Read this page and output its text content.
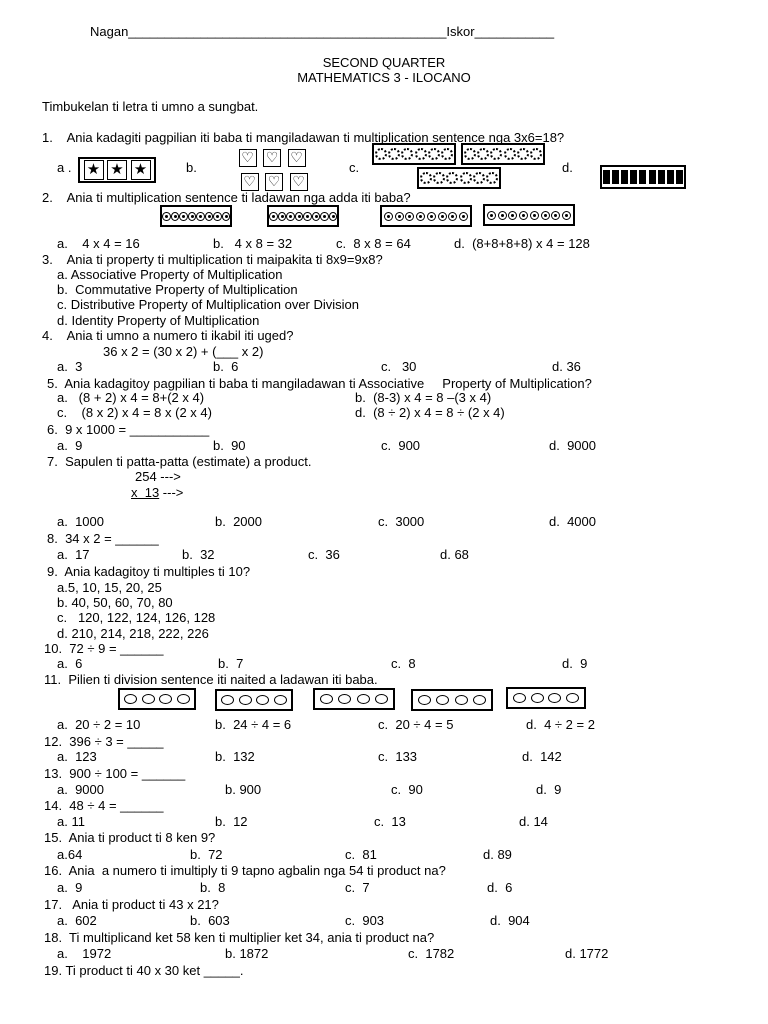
Nagan____________________________________________Iskor___________
SECOND QUARTER
MATHEMATICS 3 - ILOCANO
Timbukelan ti letra ti umno a sungbat.
1.    Ania kadagiti pagpilian iti baba ti mangiladawan ti multiplication sentence nga 3x6=18?
a . ★ ★ ★	b.
♡ ♡ ♡
♡ ♡ ♡
c.	d.
2.    Ania ti multiplication sentence ti ladawan nga adda iti baba?
a.    4 x 4 = 16	b.   4 x 8 = 32	c.  8 x 8 = 64	d.  (8+8+8+8) x 4 = 128
3.    Ania ti property ti multiplication ti maipakita ti 8x9=9x8?
a. Associative Property of Multiplication
b.  Commutative Property of Multiplication
c. Distributive Property of Multiplication over Division
d. Identity Property of Multiplication
4.    Ania ti umno a numero ti ikabil iti uged?
36 x 2 = (30 x 2) + (___ x 2)
a.  3	b.  6	c.   30	d. 36
5.  Ania kadagitoy pagpilian ti baba ti mangiladawan ti Associative     Property of Multiplication?
a.   (8 + 2) x 4 = 8+(2 x 4)	b.  (8-3) x 4 = 8 –(3 x 4)
c.    (8 x 2) x 4 = 8 x (2 x 4)	d.  (8 ÷ 2) x 4 = 8 ÷ (2 x 4)
6.  9 x 1000 = ___________
a.  9	b.  90	c.  900	d.  9000
7.  Sapulen ti patta-patta (estimate) a product.
254 --->
x  13 --->
a.  1000	b.  2000	c.  3000	d.  4000
8.  34 x 2 = ______
a.  17	b.  32	c.  36	d. 68
9.  Ania kadagitoy ti multiples ti 10?
a.5, 10, 15, 20, 25
b. 40, 50, 60, 70, 80
c.   120, 122, 124, 126, 128
d. 210, 214, 218, 222, 226
10.  72 ÷ 9 = ______
a.  6	b.  7	c.  8	d.  9
11.  Pilien ti division sentence iti naited a ladawan iti baba.
a.  20 ÷ 2 = 10	b.  24 ÷ 4 = 6	c.  20 ÷ 4 = 5	d.  4 ÷ 2 = 2
12.  396 ÷ 3 = _____
a.  123	b.  132	c.  133	d.  142
13.  900 ÷ 100 = ______
a.  9000	b. 900	c.  90	d.  9
14.  48 ÷ 4 = ______
a. 11	b.  12	c.  13	d. 14
15.  Ania ti product ti 8 ken 9?
a.64	b.  72	c.  81	d. 89
16.  Ania  a numero ti imultiply ti 9 tapno agbalin nga 54 ti product na?
a.  9	b.  8	c.  7	d.  6
17.   Ania ti product ti 43 x 21?
a.  602	b.  603	c.  903	d.  904
18.  Ti multiplicand ket 58 ken ti multiplier ket 34, ania ti product na?
a.    1972	b. 1872	c.  1782	d. 1772
19. Ti product ti 40 x 30 ket _____.
